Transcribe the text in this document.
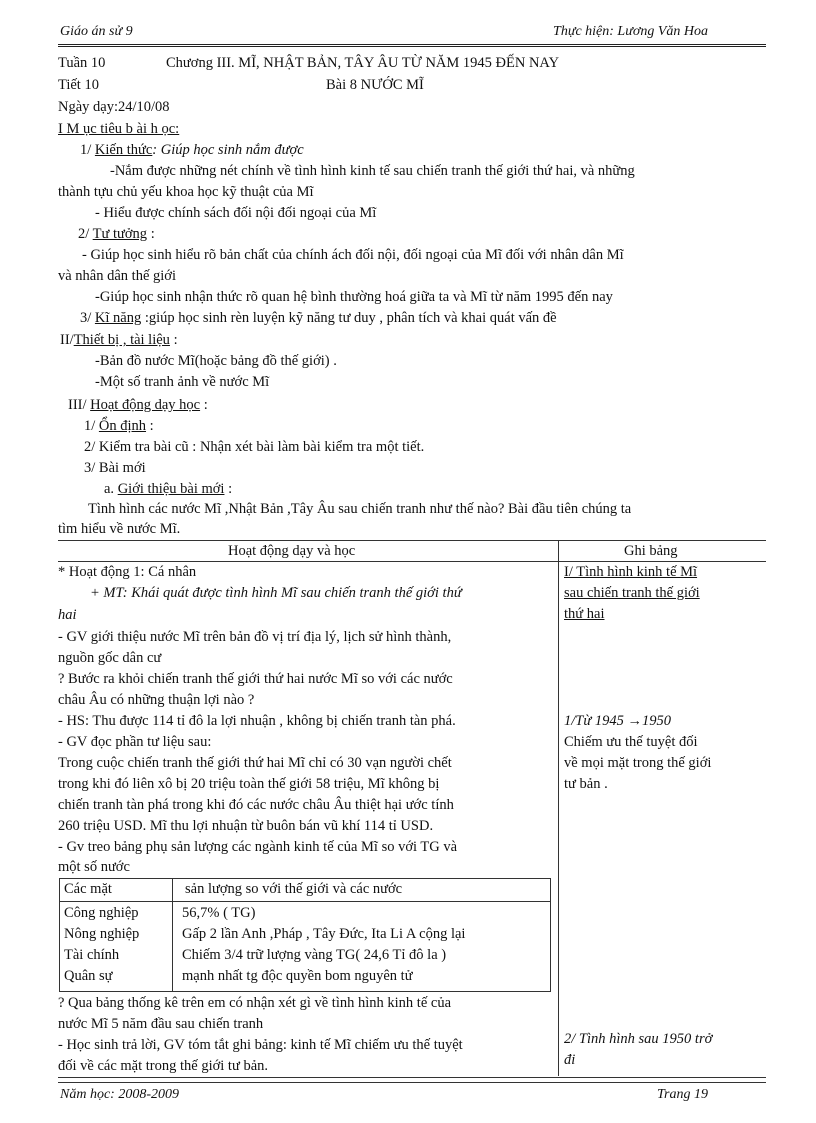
Giáo án sử 9	Thực hiện: Lương Văn Hoa
Tuần 10	Chương III. MĨ, NHẬT BẢN, TÂY ÂU TỪ NĂM 1945 ĐẾN NAY
Tiết 10	Bài 8 NƯỚC MĨ
Ngày dạy:24/10/08
I M ục tiêu b ài h ọc:
1/ Kiến thức: Giúp học sinh nắm được
-Nắm được những nét chính về tình hình kinh tế sau chiến tranh thế giới thứ hai, và những
thành tựu chủ yếu khoa học kỹ thuật của Mĩ
- Hiểu được chính sách đối nội đối ngoại của Mĩ
2/ Tư tưởng :
- Giúp học sinh hiểu rõ bản chất của chính ách đối nội, đối ngoại của Mĩ đối với nhân dân Mĩ
và nhân dân thế giới
-Giúp học sinh nhận thức rõ quan hệ bình thường hoá giữa ta và Mĩ từ năm 1995 đến nay
3/ Kĩ năng :giúp học sinh rèn luyện kỹ năng tư duy , phân tích và khai quát vấn đề
II/Thiết bị , tài liệu :
-Bản đồ nước Mĩ(hoặc bảng đồ thế giới) .
-Một số tranh ảnh về nước Mĩ
III/ Hoạt động dạy học :
1/ Ổn định :
2/ Kiểm tra bài cũ : Nhận xét bài làm bài kiểm tra một tiết.
3/ Bài mới
a. Giới thiệu bài mới :
Tình hình các nước Mĩ ,Nhật Bản ,Tây Âu sau chiến tranh như thế nào? Bài đầu tiên chúng ta
tìm hiểu về nước Mĩ.
Hoạt động dạy và học	Ghi bảng
* Hoạt động 1: Cá nhân
+ MT: Khái quát được tình hình Mĩ sau chiến tranh thế giới thứ
hai
- GV giới thiệu nước Mĩ trên bản đồ vị trí địa lý, lịch sử hình thành,
nguồn gốc dân cư
? Bước ra khỏi chiến tranh thế giới thứ hai nước Mĩ so với các nước
châu Âu có những thuận lợi nào ?
- HS: Thu được 114 tỉ đô la lợi nhuận , không bị chiến tranh tàn phá.
- GV đọc phần tư liệu sau:
Trong cuộc chiến tranh thế giới thứ hai Mĩ chỉ có 30 vạn người chết
trong khi đó liên xô bị 20 triệu toàn thế giới 58 triệu, Mĩ không bị
chiến tranh tàn phá trong khi đó các nước châu Âu thiệt hại ước tính
260 triệu USD. Mĩ thu lợi nhuận từ buôn bán vũ khí 114 tỉ USD.
- Gv treo bảng phụ sản lượng các ngành kinh tế của Mĩ so với TG và
một số nước
Các mặt	sản lượng so với thế giới và các nước
Công nghiệp	56,7% ( TG)
Nông nghiệp	Gấp 2 lần Anh ,Pháp , Tây Đức, Ita Li A cộng lại
Tài chính	Chiếm 3/4 trữ lượng vàng TG( 24,6 Tỉ đô la )
Quân sự	mạnh nhất tg độc quyền bom nguyên tử
? Qua bảng thống kê trên em có nhận xét gì về tình hình kinh tế của
nước Mĩ 5 năm đầu sau chiến tranh
- Học sinh trả lời, GV tóm tắt ghi bảng: kinh tế Mĩ chiếm ưu thế tuyệt
đối về các mặt trong thế giới tư bản.
I/ Tình hình kinh tế Mĩ
sau chiến tranh thế giới
thứ hai
1/Từ 1945 →1950
Chiếm ưu thế tuyệt đối
về mọi mặt trong thế giới
tư bản .
2/ Tình hình sau 1950 trở
đi
Năm học: 2008-2009	Trang 19
